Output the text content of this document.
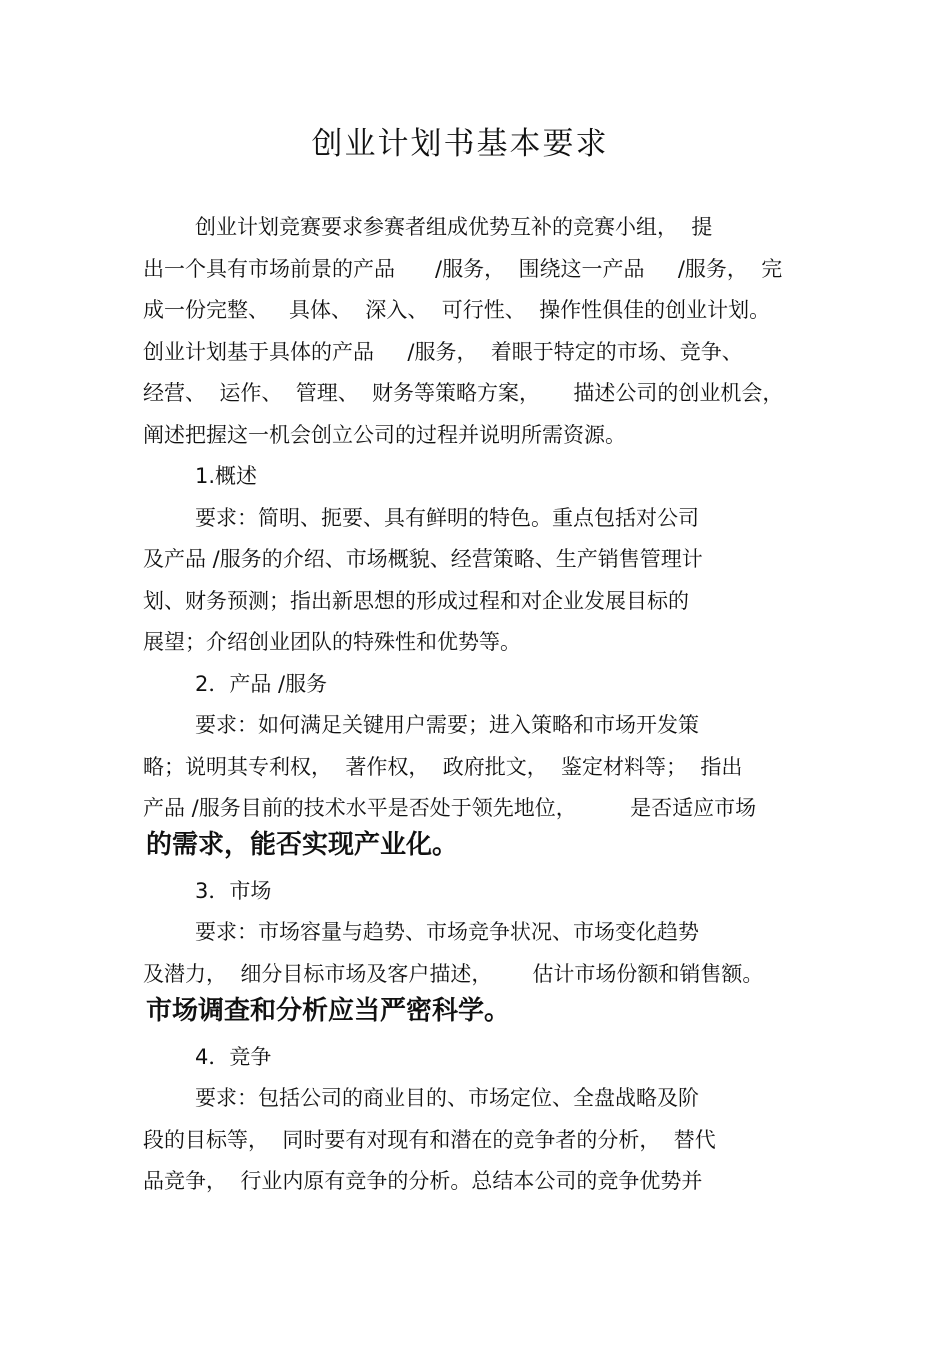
创业计划书基本要求
创业计划竞赛要求参赛者组成优势互补的竞赛小组，  提
出一个具有市场前景的产品      /服务，  围绕这一产品     /服务，  完
成一份完整、   具体、  深入、  可行性、  操作性俱佳的创业计划。
创业计划基于具体的产品     /服务，  着眼于特定的市场、竞争、
经营、  运作、  管理、  财务等策略方案，     描述公司的创业机会，
阐述把握这一机会创立公司的过程并说明所需资源。
1.概述
要求：简明、扼要、具有鲜明的特色。重点包括对公司
及产品 /服务的介绍、市场概貌、经营策略、生产销售管理计
划、财务预测；指出新思想的形成过程和对企业发展目标的
展望；介绍创业团队的特殊性和优势等。
2．产品 /服务
要求：如何满足关键用户需要；进入策略和市场开发策
略；说明其专利权，  著作权，  政府批文，  鉴定材料等；  指出
产品 /服务目前的技术水平是否处于领先地位，        是否适应市场
的需求，能否实现产业化。
3．市场
要求：市场容量与趋势、市场竞争状况、市场变化趋势
及潜力，  细分目标市场及客户描述，      估计市场份额和销售额。
市场调查和分析应当严密科学。
4．竞争
要求：包括公司的商业目的、市场定位、全盘战略及阶
段的目标等，  同时要有对现有和潜在的竞争者的分析，  替代
品竞争，  行业内原有竞争的分析。总结本公司的竞争优势并
